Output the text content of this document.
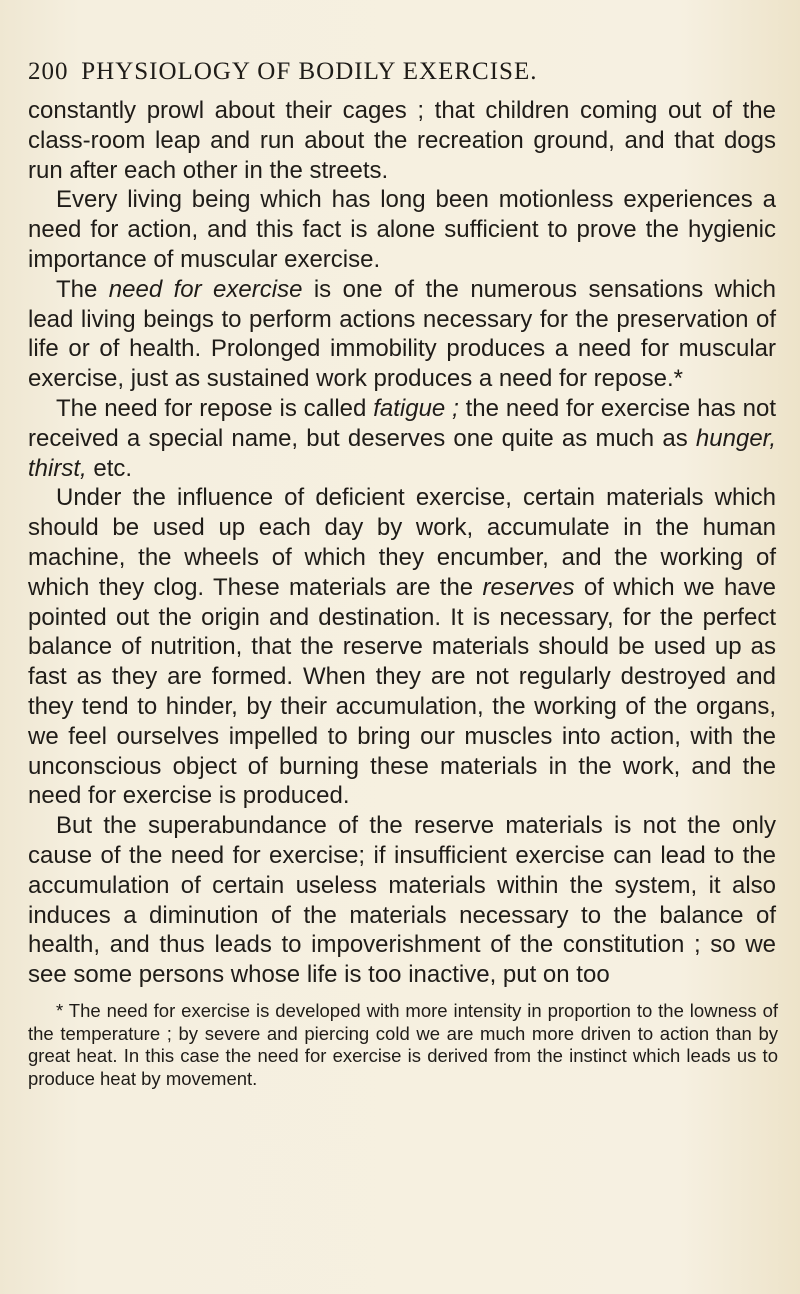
200 PHYSIOLOGY OF BODILY EXERCISE.

constantly prowl about their cages ; that children coming out of the class-room leap and run about the recreation ground, and that dogs run after each other in the streets.

Every living being which has long been motionless experiences a need for action, and this fact is alone sufficient to prove the hygienic importance of muscular exercise.

The need for exercise is one of the numerous sensations which lead living beings to perform actions necessary for the preservation of life or of health. Prolonged immobility produces a need for muscular exercise, just as sustained work produces a need for repose.*

The need for repose is called fatigue ; the need for exercise has not received a special name, but deserves one quite as much as hunger, thirst, etc.

Under the influence of deficient exercise, certain materials which should be used up each day by work, accumulate in the human machine, the wheels of which they encumber, and the working of which they clog. These materials are the reserves of which we have pointed out the origin and destination. It is necessary, for the perfect balance of nutrition, that the reserve materials should be used up as fast as they are formed. When they are not regularly destroyed and they tend to hinder, by their accumulation, the working of the organs, we feel ourselves impelled to bring our muscles into action, with the unconscious object of burning these materials in the work, and the need for exercise is produced.

But the superabundance of the reserve materials is not the only cause of the need for exercise; if insufficient exercise can lead to the accumulation of certain useless materials within the system, it also induces a diminution of the materials necessary to the balance of health, and thus leads to impoverishment of the constitution ; so we see some persons whose life is too inactive, put on too

* The need for exercise is developed with more intensity in proportion to the lowness of the temperature ; by severe and piercing cold we are much more driven to action than by great heat. In this case the need for exercise is derived from the instinct which leads us to produce heat by movement.
